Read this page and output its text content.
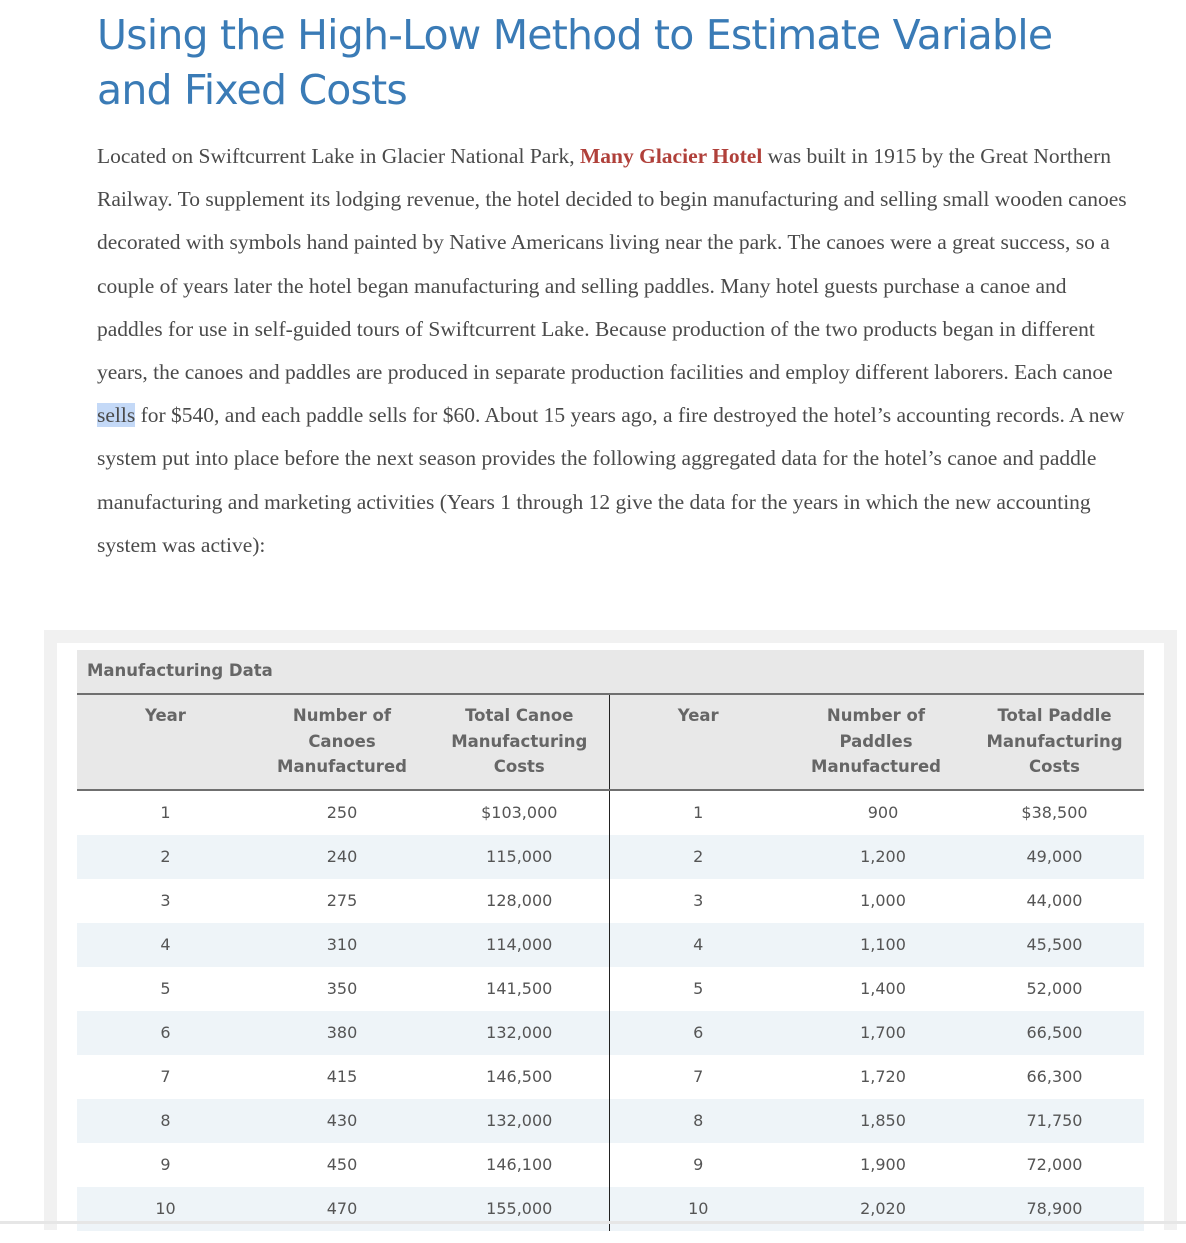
Using the High-Low Method to Estimate Variable and Fixed Costs

Located on Swiftcurrent Lake in Glacier National Park, Many Glacier Hotel was built in 1915 by the Great Northern Railway. To supplement its lodging revenue, the hotel decided to begin manufacturing and selling small wooden canoes decorated with symbols hand painted by Native Americans living near the park. The canoes were a great success, so a couple of years later the hotel began manufacturing and selling paddles. Many hotel guests purchase a canoe and paddles for use in self-guided tours of Swiftcurrent Lake. Because production of the two products began in different years, the canoes and paddles are produced in separate production facilities and employ different laborers. Each canoe sells for $540, and each paddle sells for $60. About 15 years ago, a fire destroyed the hotel’s accounting records. A new system put into place before the next season provides the following aggregated data for the hotel’s canoe and paddle manufacturing and marketing activities (Years 1 through 12 give the data for the years in which the new accounting system was active):

Manufacturing Data
Year	Number of Canoes Manufactured	Total Canoe Manufacturing Costs	Year	Number of Paddles Manufactured	Total Paddle Manufacturing Costs
1	250	$103,000	1	900	$38,500
2	240	115,000	2	1,200	49,000
3	275	128,000	3	1,000	44,000
4	310	114,000	4	1,100	45,500
5	350	141,500	5	1,400	52,000
6	380	132,000	6	1,700	66,500
7	415	146,500	7	1,720	66,300
8	430	132,000	8	1,850	71,750
9	450	146,100	9	1,900	72,000
10	470	155,000	10	2,020	78,900
